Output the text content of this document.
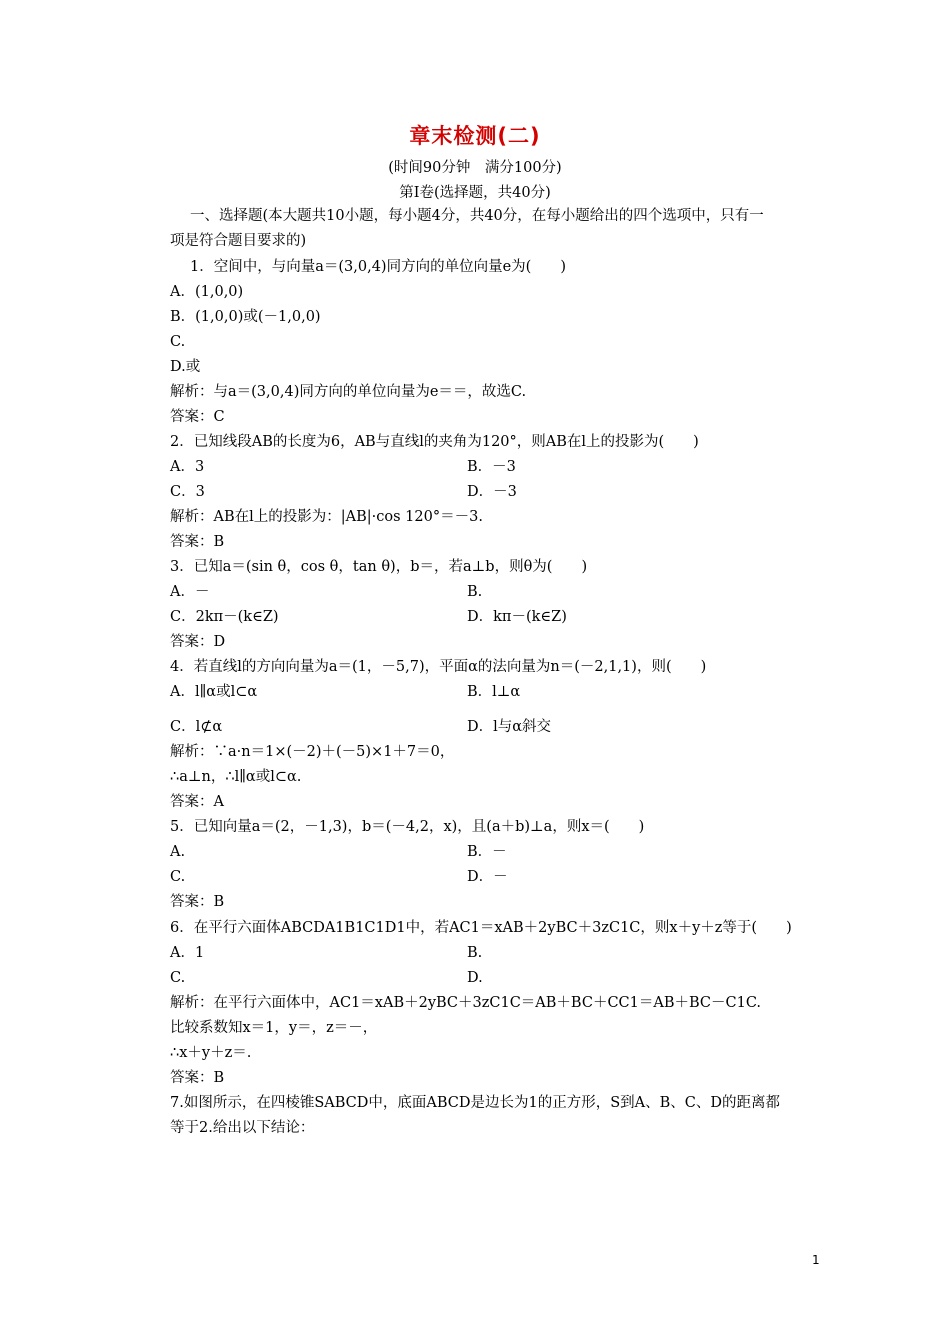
章末检测(二)
(时间90分钟　满分100分)
第Ⅰ卷(选择题，共40分)
一、选择题(本大题共10小题，每小题4分，共40分，在每小题给出的四个选项中，只有一
项是符合题目要求的)
1．空间中，与向量a＝(3,0,4)同方向的单位向量e为(　　)
A．(1,0,0)
B．(1,0,0)或(－1,0,0)
C.
D.或
解析：与a＝(3,0,4)同方向的单位向量为e＝＝，故选C.
答案：C
2．已知线段AB的长度为6，AB与直线l的夹角为120°，则AB在l上的投影为(　　)
A．3	B．－3
C．3	D．－3
解析：AB在l上的投影为：|AB|·cos 120°＝－3.
答案：B
3．已知a＝(sin θ，cos θ，tan θ)，b＝，若a⊥b，则θ为(　　)
A．－	B.
C．2kπ－(k∈Z)	D．kπ－(k∈Z)
答案：D
4．若直线l的方向向量为a＝(1，－5,7)，平面α的法向量为n＝(－2,1,1)，则(　　)
A．l∥α或l⊂α	B．l⊥α
C．l⊄α	D．l与α斜交
解析：∵a·n＝1×(－2)＋(－5)×1＋7＝0，
∴a⊥n，∴l∥α或l⊂α.
答案：A
5．已知向量a＝(2，－1,3)，b＝(－4,2，x)，且(a＋b)⊥a，则x＝(　　)
A.	B．－
C.	D．－
答案：B
6．在平行六面体ABCDA1B1C1D1中，若AC1＝xAB＋2yBC＋3zC1C，则x＋y＋z等于(　　)
A．1	B.
C.	D.
解析：在平行六面体中，AC1＝xAB＋2yBC＋3zC1C＝AB＋BC＋CC1＝AB＋BC－C1C.
比较系数知x＝1，y＝，z＝－，
∴x＋y＋z＝.
答案：B
7.如图所示，在四棱锥SABCD中，底面ABCD是边长为1的正方形，S到A、B、C、D的距离都
等于2.给出以下结论：
1
